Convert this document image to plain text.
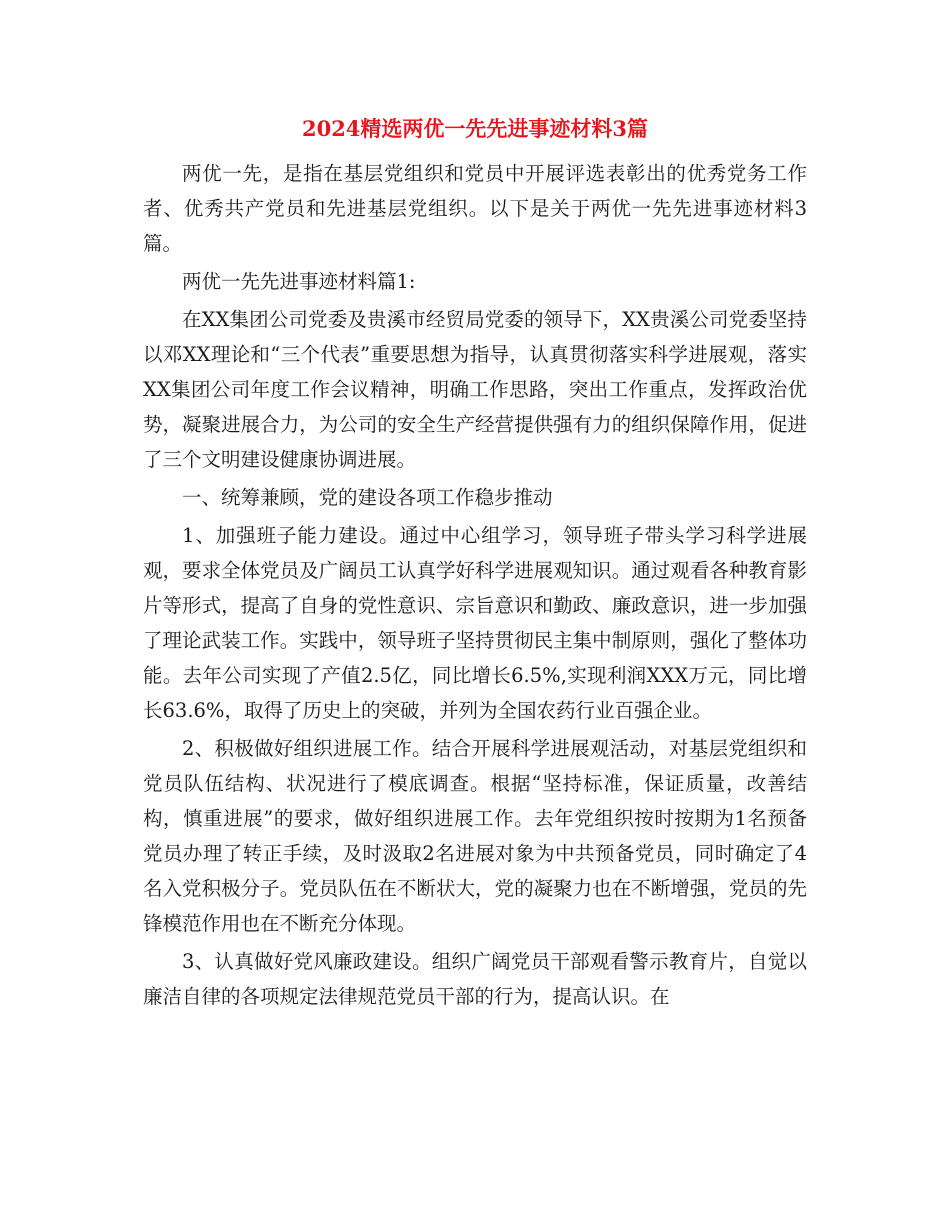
2024精选两优一先先进事迹材料3篇

两优一先，是指在基层党组织和党员中开展评选表彰出的优秀党务工作者、优秀共产党员和先进基层党组织。以下是关于两优一先先进事迹材料3篇。

两优一先先进事迹材料篇1:

在XX集团公司党委及贵溪市经贸局党委的领导下，XX贵溪公司党委坚持以邓XX理论和“三个代表”重要思想为指导，认真贯彻落实科学进展观，落实XX集团公司年度工作会议精神，明确工作思路，突出工作重点，发挥政治优势，凝聚进展合力，为公司的安全生产经营提供强有力的组织保障作用，促进了三个文明建设健康协调进展。

一、统筹兼顾，党的建设各项工作稳步推动

1、加强班子能力建设。通过中心组学习，领导班子带头学习科学进展观，要求全体党员及广阔员工认真学好科学进展观知识。通过观看各种教育影片等形式，提高了自身的党性意识、宗旨意识和勤政、廉政意识，进一步加强了理论武装工作。实践中，领导班子坚持贯彻民主集中制原则，强化了整体功能。去年公司实现了产值2.5亿，同比增长6.5%,实现利润XXX万元，同比增长63.6%，取得了历史上的突破，并列为全国农药行业百强企业。

2、积极做好组织进展工作。结合开展科学进展观活动，对基层党组织和党员队伍结构、状况进行了模底调查。根据“坚持标准，保证质量，改善结构，慎重进展”的要求，做好组织进展工作。去年党组织按时按期为1名预备党员办理了转正手续，及时汲取2名进展对象为中共预备党员，同时确定了4名入党积极分子。党员队伍在不断状大，党的凝聚力也在不断增强，党员的先锋模范作用也在不断充分体现。

3、认真做好党风廉政建设。组织广阔党员干部观看警示教育片，自觉以廉洁自律的各项规定法律规范党员干部的行为，提高认识。在
